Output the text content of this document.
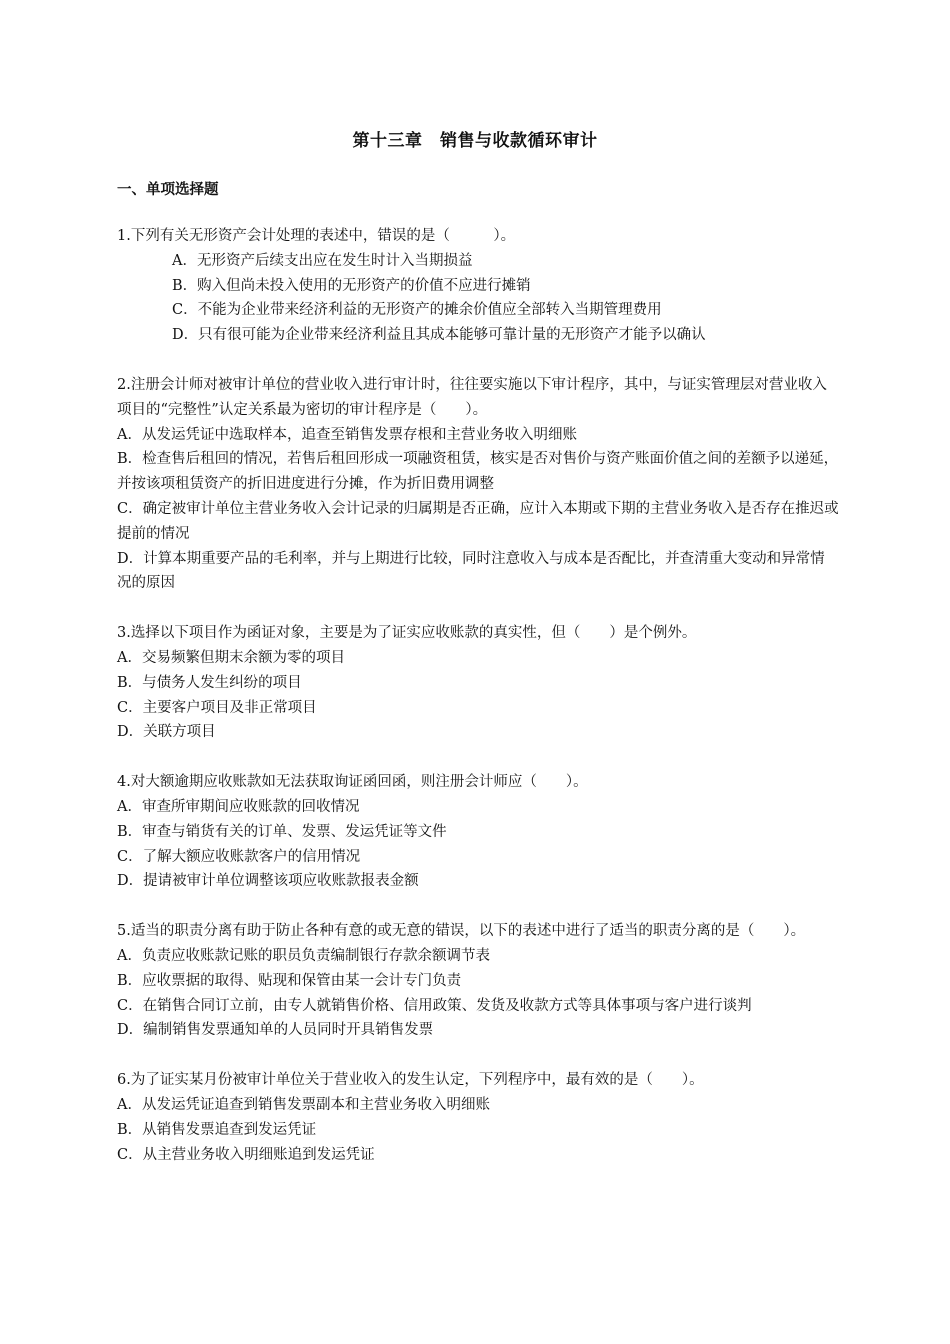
第十三章　销售与收款循环审计
一、单项选择题

1.下列有关无形资产会计处理的表述中，错误的是（　　　）。

A．无形资产后续支出应在发生时计入当期损益

B．购入但尚未投入使用的无形资产的价值不应进行摊销

C．不能为企业带来经济利益的无形资产的摊余价值应全部转入当期管理费用

D．只有很可能为企业带来经济利益且其成本能够可靠计量的无形资产才能予以确认

2.注册会计师对被审计单位的营业收入进行审计时，往往要实施以下审计程序，其中，与证实管理层对营业收入项目的“完整性”认定关系最为密切的审计程序是（　　）。

A．从发运凭证中选取样本，追查至销售发票存根和主营业务收入明细账

B．检查售后租回的情况，若售后租回形成一项融资租赁，核实是否对售价与资产账面价值之间的差额予以递延，并按该项租赁资产的折旧进度进行分摊，作为折旧费用调整

C．确定被审计单位主营业务收入会计记录的归属期是否正确，应计入本期或下期的主营业务收入是否存在推迟或提前的情况

D．计算本期重要产品的毛利率，并与上期进行比较，同时注意收入与成本是否配比，并查清重大变动和异常情况的原因

3.选择以下项目作为函证对象，主要是为了证实应收账款的真实性，但（　　）是个例外。

A．交易频繁但期末余额为零的项目

B．与债务人发生纠纷的项目

C．主要客户项目及非正常项目

D．关联方项目

4.对大额逾期应收账款如无法获取询证函回函，则注册会计师应（　　）。

A．审查所审期间应收账款的回收情况

B．审查与销货有关的订单、发票、发运凭证等文件

C．了解大额应收账款客户的信用情况

D．提请被审计单位调整该项应收账款报表金额

5.适当的职责分离有助于防止各种有意的或无意的错误，以下的表述中进行了适当的职责分离的是（　　）。

A．负责应收账款记账的职员负责编制银行存款余额调节表

B．应收票据的取得、贴现和保管由某一会计专门负责

C．在销售合同订立前，由专人就销售价格、信用政策、发货及收款方式等具体事项与客户进行谈判

D．编制销售发票通知单的人员同时开具销售发票

6.为了证实某月份被审计单位关于营业收入的发生认定，下列程序中，最有效的是（　　）。

A．从发运凭证追查到销售发票副本和主营业务收入明细账

B．从销售发票追查到发运凭证

C．从主营业务收入明细账追到发运凭证
